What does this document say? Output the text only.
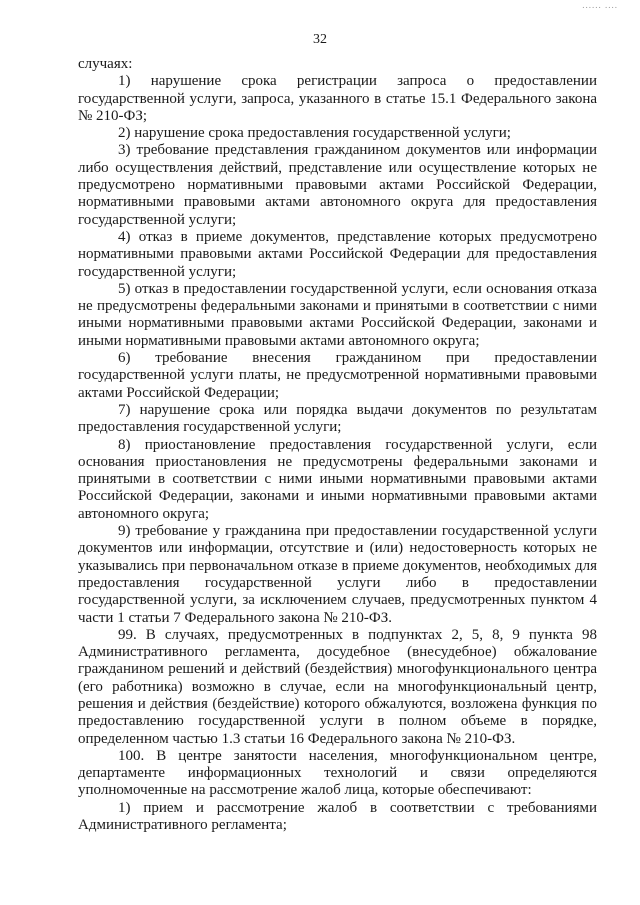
...... ....
32

случаях:

1) нарушение срока регистрации запроса о предоставлении государственной услуги, запроса, указанного в статье 15.1 Федерального закона № 210-ФЗ;

2) нарушение срока предоставления государственной услуги;

3) требование представления гражданином документов или информации либо осуществления действий, представление или осуществление которых не предусмотрено нормативными правовыми актами Российской Федерации, нормативными правовыми актами автономного округа для предоставления государственной услуги;

4) отказ в приеме документов, представление которых предусмотрено нормативными правовыми актами Российской Федерации для предоставления государственной услуги;

5) отказ в предоставлении государственной услуги, если основания отказа не предусмотрены федеральными законами и принятыми в соответствии с ними иными нормативными правовыми актами Российской Федерации, законами и иными нормативными правовыми актами автономного округа;

6) требование внесения гражданином при предоставлении государственной услуги платы, не предусмотренной нормативными правовыми актами Российской Федерации;

7) нарушение срока или порядка выдачи документов по результатам предоставления государственной услуги;

8) приостановление предоставления государственной услуги, если основания приостановления не предусмотрены федеральными законами и принятыми в соответствии с ними иными нормативными правовыми актами Российской Федерации, законами и иными нормативными правовыми актами автономного округа;

9) требование у гражданина при предоставлении государственной услуги документов или информации, отсутствие и (или) недостоверность которых не указывались при первоначальном отказе в приеме документов, необходимых для предоставления государственной услуги либо в предоставлении государственной услуги, за исключением случаев, предусмотренных пунктом 4 части 1 статьи 7 Федерального закона № 210-ФЗ.

99. В случаях, предусмотренных в подпунктах 2, 5, 8, 9 пункта 98 Административного регламента, досудебное (внесудебное) обжалование гражданином решений и действий (бездействия) многофункционального центра (его работника) возможно в случае, если на многофункциональный центр, решения и действия (бездействие) которого обжалуются, возложена функция по предоставлению государственной услуги в полном объеме в порядке, определенном частью 1.3 статьи 16 Федерального закона № 210-ФЗ.

100. В центре занятости населения, многофункциональном центре, департаменте информационных технологий и связи определяются уполномоченные на рассмотрение жалоб лица, которые обеспечивают:

1) прием и рассмотрение жалоб в соответствии с требованиями Административного регламента;
